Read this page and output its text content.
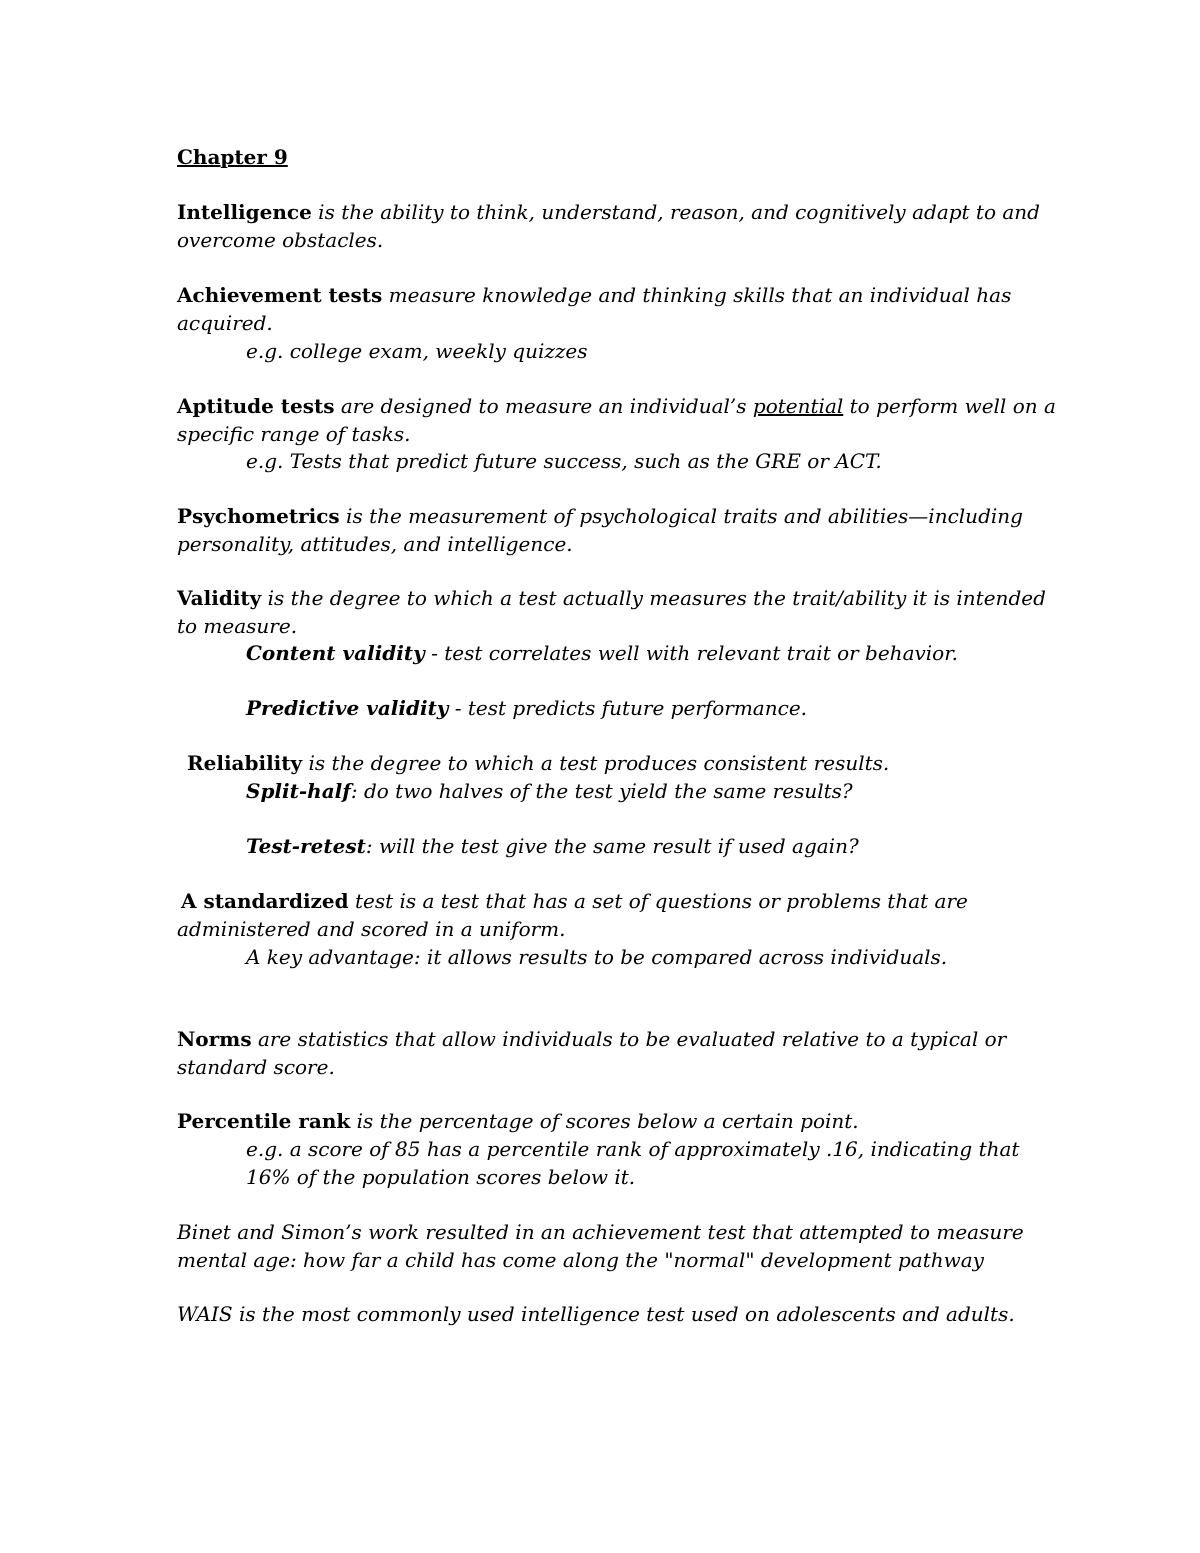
Chapter 9
Intelligence is the ability to think, understand, reason, and cognitively adapt to and
overcome obstacles.
Achievement tests measure knowledge and thinking skills that an individual has
acquired.
e.g. college exam, weekly quizzes
Aptitude tests are designed to measure an individual’s potential to perform well on a
specific range of tasks.
e.g. Tests that predict future success, such as the GRE or ACT.
Psychometrics is the measurement of psychological traits and abilities—including
personality, attitudes, and intelligence.
Validity is the degree to which a test actually measures the trait/ability it is intended
to measure.
Content validity - test correlates well with relevant trait or behavior.
Predictive validity - test predicts future performance.
Reliability is the degree to which a test produces consistent results.
Split-half: do two halves of the test yield the same results?
Test-retest: will the test give the same result if used again?
A standardized test is a test that has a set of questions or problems that are
administered and scored in a uniform.
A key advantage: it allows results to be compared across individuals.
Norms are statistics that allow individuals to be evaluated relative to a typical or
standard score.
Percentile rank is the percentage of scores below a certain point.
e.g. a score of 85 has a percentile rank of approximately .16, indicating that
16% of the population scores below it.
Binet and Simon’s work resulted in an achievement test that attempted to measure
mental age: how far a child has come along the "normal" development pathway
WAIS is the most commonly used intelligence test used on adolescents and adults.
